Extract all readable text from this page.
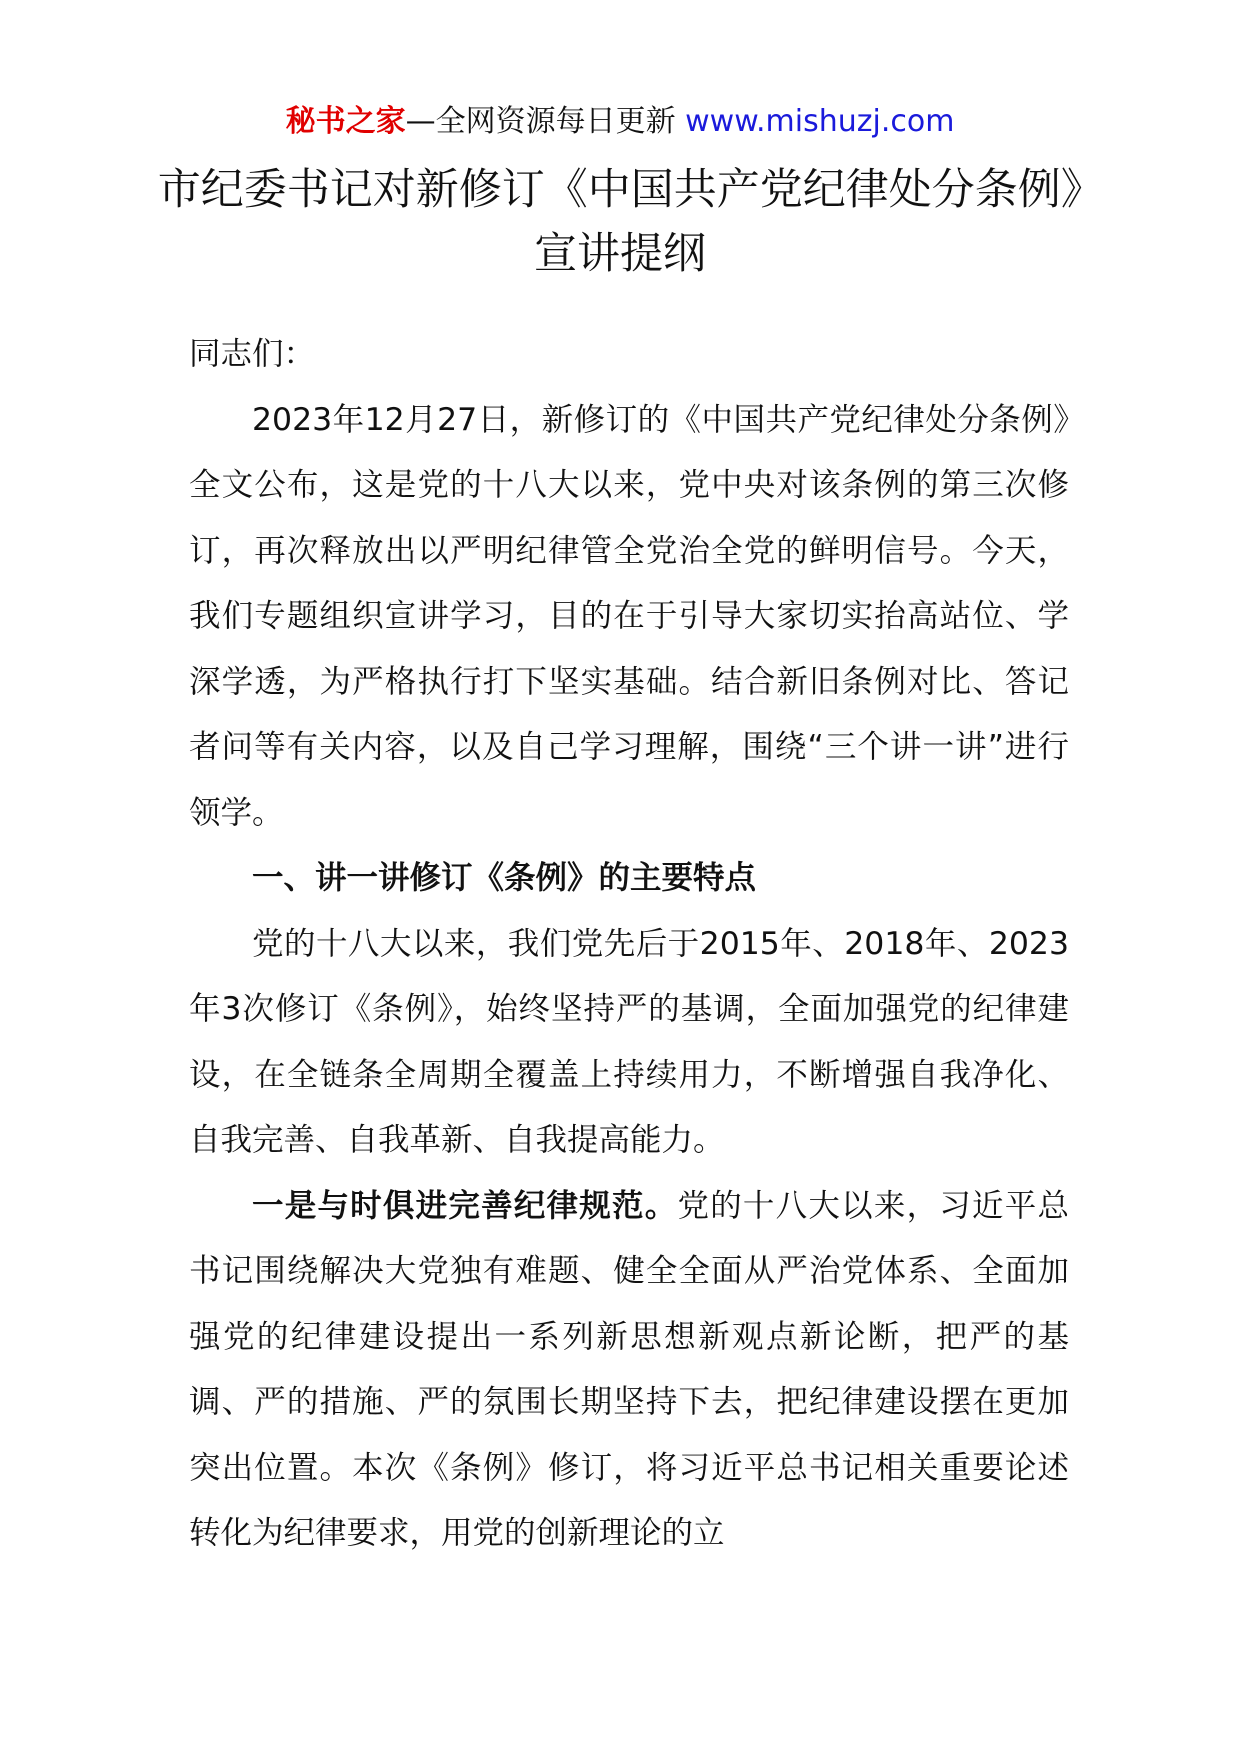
秘书之家—全网资源每日更新 www.mishuzj.com
市纪委书记对新修订《中国共产党纪律处分条例》宣讲提纲

同志们：

2023年12月27日，新修订的《中国共产党纪律处分条例》全文公布，这是党的十八大以来，党中央对该条例的第三次修订，再次释放出以严明纪律管全党治全党的鲜明信号。今天，我们专题组织宣讲学习，目的在于引导大家切实抬高站位、学深学透，为严格执行打下坚实基础。结合新旧条例对比、答记者问等有关内容，以及自己学习理解，围绕“三个讲一讲”进行领学。

一、讲一讲修订《条例》的主要特点

党的十八大以来，我们党先后于2015年、2018年、2023年3次修订《条例》，始终坚持严的基调，全面加强党的纪律建设，在全链条全周期全覆盖上持续用力，不断增强自我净化、自我完善、自我革新、自我提高能力。

一是与时俱进完善纪律规范。党的十八大以来，习近平总书记围绕解决大党独有难题、健全全面从严治党体系、全面加强党的纪律建设提出一系列新思想新观点新论断，把严的基调、严的措施、严的氛围长期坚持下去，把纪律建设摆在更加突出位置。本次《条例》修订，将习近平总书记相关重要论述转化为纪律要求，用党的创新理论的立
